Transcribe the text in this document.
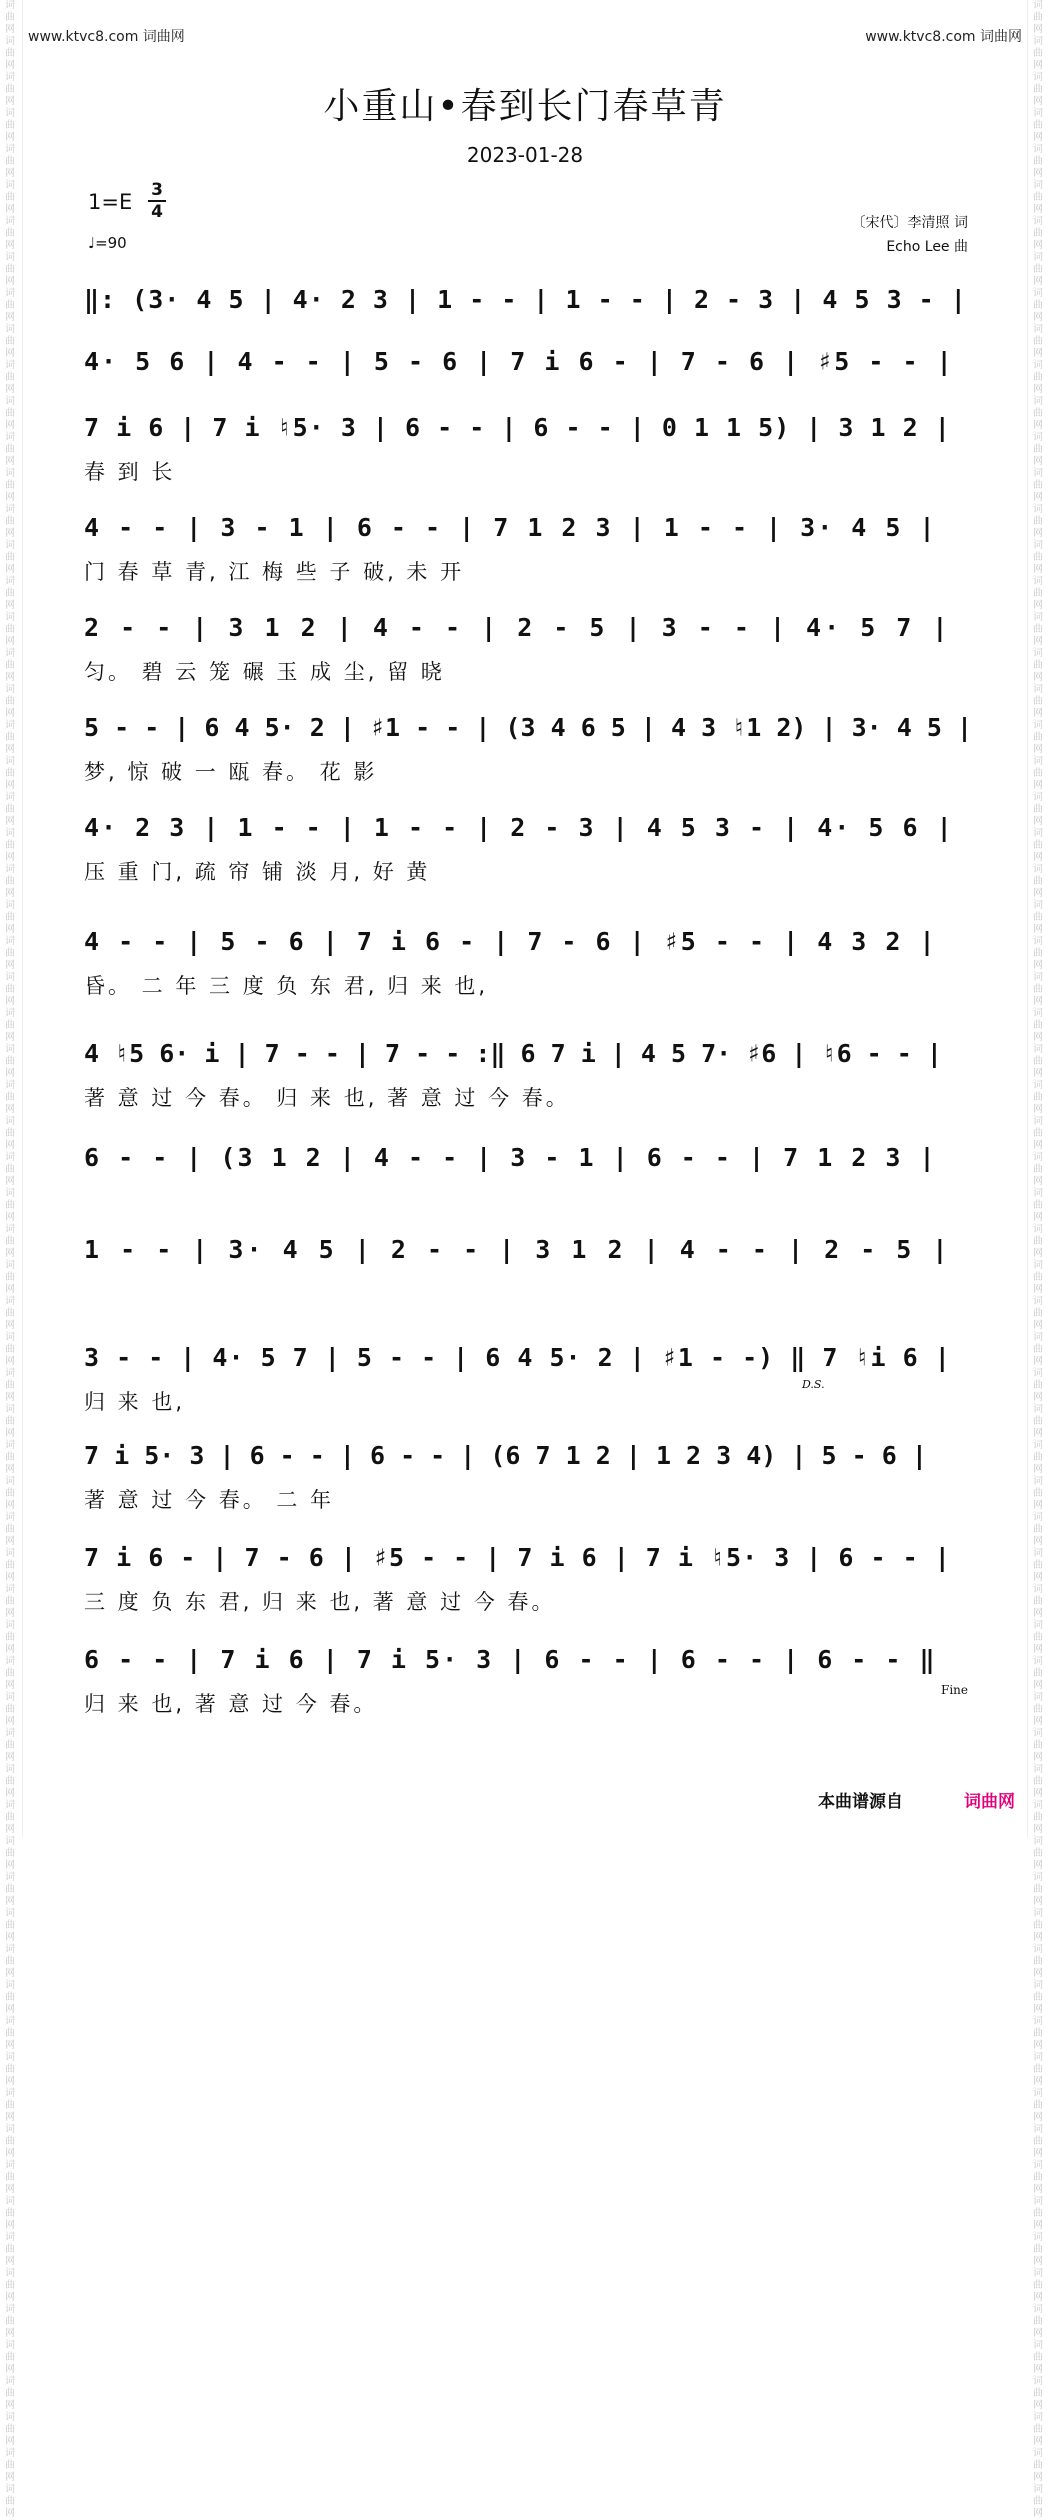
词曲网词曲网词曲网词曲网词曲网词曲网词曲网词曲网词曲网词曲网词曲网词曲网词曲网词曲网词曲网词曲网词曲网词曲网词曲网词曲网词曲网词曲网词曲网词曲网词曲网词曲网词曲网词曲网词曲网词曲网词曲网词曲网词曲网词曲网词曲网词曲网词曲网词曲网词曲网词曲网词曲网词曲网词曲网词曲网词曲网词曲网词曲网词曲网词曲网词曲网词曲网词曲网词曲网词曲网词曲网词曲网词曲网词曲网词曲网词曲网词曲网词曲网词曲网词曲网词曲网词曲网词曲网词曲网词曲网词曲网
词曲网词曲网词曲网词曲网词曲网词曲网词曲网词曲网词曲网词曲网词曲网词曲网词曲网词曲网词曲网词曲网词曲网词曲网词曲网词曲网词曲网词曲网词曲网词曲网词曲网词曲网词曲网词曲网词曲网词曲网词曲网词曲网词曲网词曲网词曲网词曲网词曲网词曲网词曲网词曲网词曲网词曲网词曲网词曲网词曲网词曲网词曲网词曲网词曲网词曲网词曲网词曲网词曲网词曲网词曲网词曲网词曲网词曲网词曲网词曲网词曲网词曲网词曲网词曲网词曲网词曲网词曲网词曲网词曲网词曲网
www.ktvc8.com 词曲网	www.ktvc8.com 词曲网
小重山•春到长门春草青
2023-01-28
1=E 3
4
♩=90
〔宋代〕李清照 词
Echo Lee 曲
‖: (3· 4 5 | 4· 2 3 | 1 - - | 1 - - | 2 - 3 | 4 5 3 - |
4· 5 6 | 4 - - | 5 - 6 | 7 i 6 - | 7 - 6 | ♯5 - - |
7 i 6 | 7 i ♮5· 3 | 6 - - | 6 - - | 0 1 1 5) | 3 1 2 |
春 到 长
4 - - | 3 - 1 | 6 - - | 7 1 2 3 | 1 - - | 3· 4 5 |
门 春 草 青, 江 梅 些 子 破, 未 开
2 - - | 3 1 2 | 4 - - | 2 - 5 | 3 - - | 4· 5 7 |
匀。 碧 云 笼 碾 玉 成 尘, 留 晓
5 - - | 6 4 5· 2 | ♯1 - - | (3 4 6 5 | 4 3 ♮1 2) | 3· 4 5 |
梦, 惊 破 一 瓯 春。 花 影
4· 2 3 | 1 - - | 1 - - | 2 - 3 | 4 5 3 - | 4· 5 6 |
压 重 门, 疏 帘 铺 淡 月, 好 黄
4 - - | 5 - 6 | 7 i 6 - | 7 - 6 | ♯5 - - | 4 3 2 |
昏。 二 年 三 度 负 东 君, 归 来 也,
4 ♮5 6· i | 7 - - | 7 - - :‖ 6 7 i | 4 5 7· ♯6 | ♮6 - - |
著 意 过 今 春。 归 来 也, 著 意 过 今 春。
6 - - | (3 1 2 | 4 - - | 3 - 1 | 6 - - | 7 1 2 3 |
1 - - | 3· 4 5 | 2 - - | 3 1 2 | 4 - - | 2 - 5 |
3 - - | 4· 5 7 | 5 - - | 6 4 5· 2 | ♯1 - -) ‖ 7 ♮i 6 |
归 来 也,
7 i 5· 3 | 6 - - | 6 - - | (6 7 1 2 | 1 2 3 4) | 5 - 6 |
著 意 过 今 春。 二 年
7 i 6 - | 7 - 6 | ♯5 - - | 7 i 6 | 7 i ♮5· 3 | 6 - - |
三 度 负 东 君, 归 来 也, 著 意 过 今 春。
6 - - | 7 i 6 | 7 i 5· 3 | 6 - - | 6 - - | 6 - - ‖
归 来 也, 著 意 过 今 春。
D.S.
Fine
本曲谱源自	词曲网
